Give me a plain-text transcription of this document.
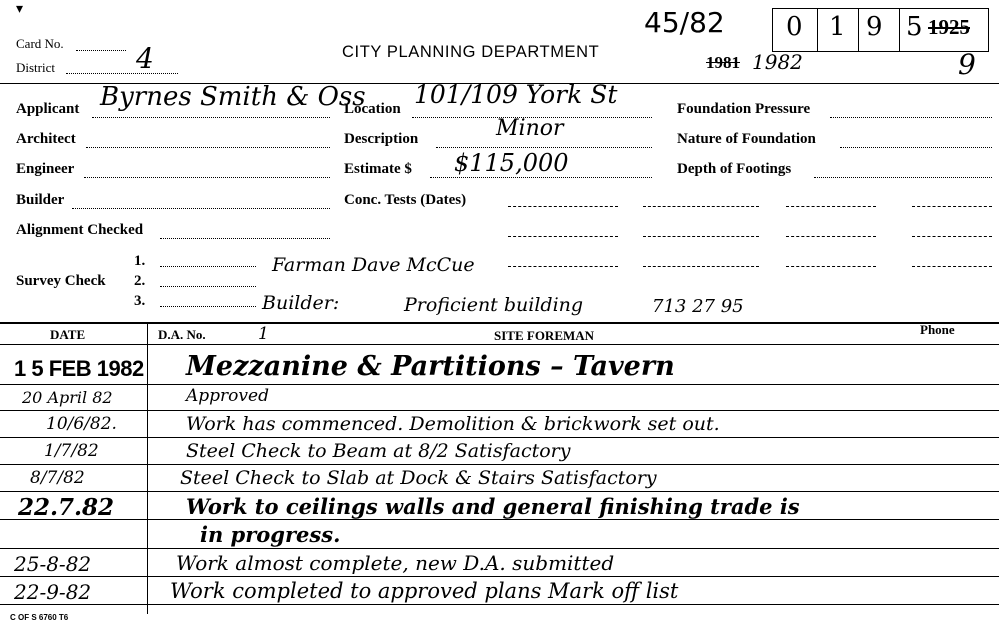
▾
Card No.
District	4	CITY PLANNING DEPARTMENT
45/82 0 1 9 5 1925
1981 1982	9
Applicant Byrnes Smith & Oss
Architect
Engineer
Builder
Alignment Checked
Survey Check
1.
2.
3.
Location 101/109 York St
Description	Minor
Estimate $ $115,000
Conc. Tests (Dates)
Foundation Pressure
Nature of Foundation
Depth of Footings
Farman Dave McCue
Builder:	Proficient building	713 27 95
DATE	D.A. No.	1	SITE FOREMAN	Phone
1 5 FEB 1982 Mezzanine & Partitions – Tavern
20 April 82	Approved
10/6/82.	Work has commenced. Demolition & brickwork set out.
1/7/82	Steel Check to Beam at 8/2 Satisfactory
8/7/82	Steel Check to Slab at Dock & Stairs Satisfactory
22.7.82	Work to ceilings walls and general finishing trade is
in progress.
25-8-82	Work almost complete, new D.A. submitted
22-9-82	Work completed to approved plans Mark off list
C OF S 6760 T6
